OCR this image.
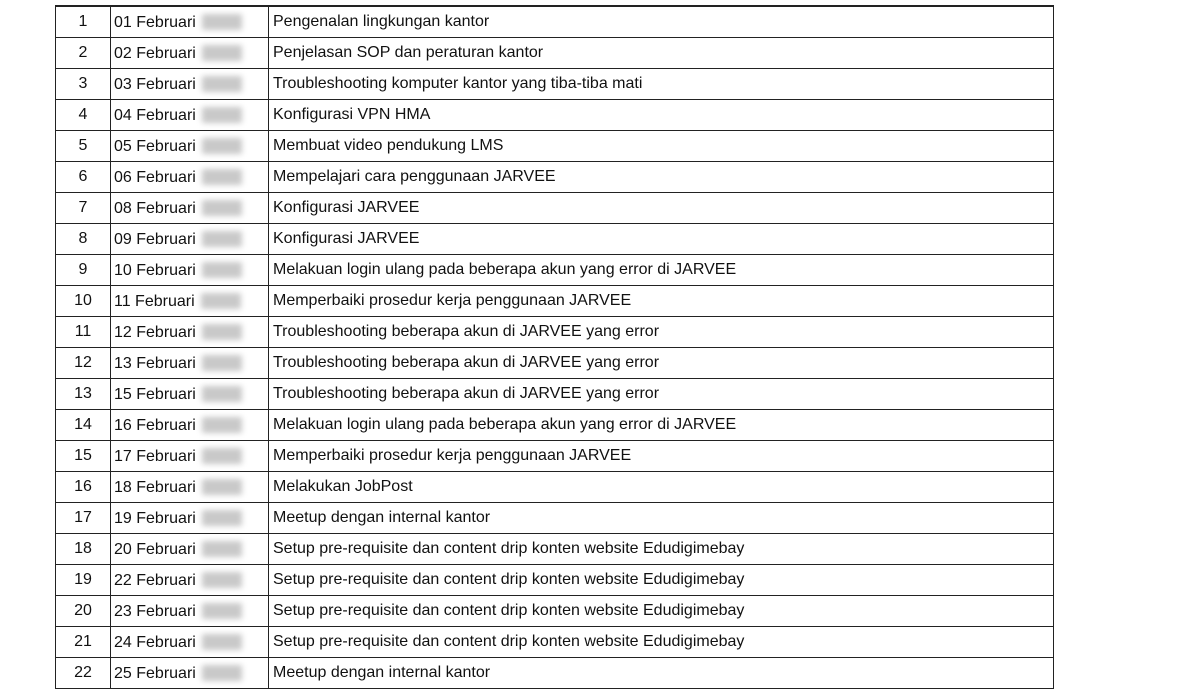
1	01 Februari	Pengenalan lingkungan kantor
2	02 Februari	Penjelasan SOP dan peraturan kantor
3	03 Februari	Troubleshooting komputer kantor yang tiba-tiba mati
4	04 Februari	Konfigurasi VPN HMA
5	05 Februari	Membuat video pendukung LMS
6	06 Februari	Mempelajari cara penggunaan JARVEE
7	08 Februari	Konfigurasi JARVEE
8	09 Februari	Konfigurasi JARVEE
9	10 Februari	Melakuan login ulang pada beberapa akun yang error di JARVEE
10	11 Februari	Memperbaiki prosedur kerja penggunaan JARVEE
11	12 Februari	Troubleshooting beberapa akun di JARVEE yang error
12	13 Februari	Troubleshooting beberapa akun di JARVEE yang error
13	15 Februari	Troubleshooting beberapa akun di JARVEE yang error
14	16 Februari	Melakuan login ulang pada beberapa akun yang error di JARVEE
15	17 Februari	Memperbaiki prosedur kerja penggunaan JARVEE
16	18 Februari	Melakukan JobPost
17	19 Februari	Meetup dengan internal kantor
18	20 Februari	Setup pre-requisite dan content drip konten website Edudigimebay
19	22 Februari	Setup pre-requisite dan content drip konten website Edudigimebay
20	23 Februari	Setup pre-requisite dan content drip konten website Edudigimebay
21	24 Februari	Setup pre-requisite dan content drip konten website Edudigimebay
22	25 Februari	Meetup dengan internal kantor
